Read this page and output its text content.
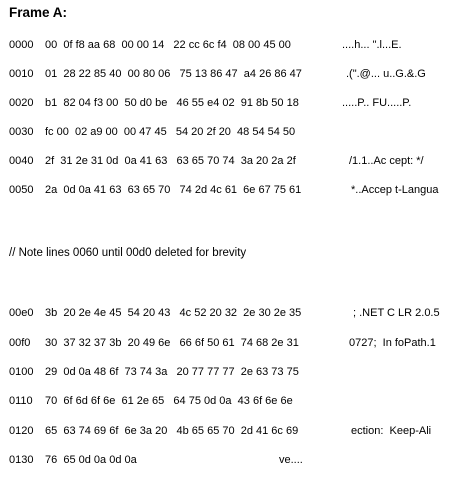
Frame A:
0000 00  0f f8 aa 68  00 00 14   22 cc 6c f4  08 00 45 00	....h... ".l...E.
0010 01  28 22 85 40  00 80 06   75 13 86 47  a4 26 86 47	.(".@... u..G.&.G
0020 b1  82 04 f3 00  50 d0 be   46 55 e4 02  91 8b 50 18	.....P.. FU.....P.
0030 fc 00  02 a9 00  00 47 45   54 20 2f 20  48 54 54 50
0040 2f  31 2e 31 0d  0a 41 63   63 65 70 74  3a 20 2a 2f	/1.1..Ac cept: */
0050 2a  0d 0a 41 63  63 65 70   74 2d 4c 61  6e 67 75 61	*..Accep t-Langua
// Note lines 0060 until 00d0 deleted for brevity
00e0 3b  20 2e 4e 45  54 20 43   4c 52 20 32  2e 30 2e 35	; .NET C LR 2.0.5
00f0 30  37 32 37 3b  20 49 6e   66 6f 50 61  74 68 2e 31	0727;  In foPath.1
0100 29  0d 0a 48 6f  73 74 3a   20 77 77 77  2e 63 73 75
0110 70  6f 6d 6f 6e  61 2e 65   64 75 0d 0a  43 6f 6e 6e
0120 65  63 74 69 6f  6e 3a 20   4b 65 65 70  2d 41 6c 69	ection:  Keep-Ali
0130 76  65 0d 0a 0d 0a	ve....
